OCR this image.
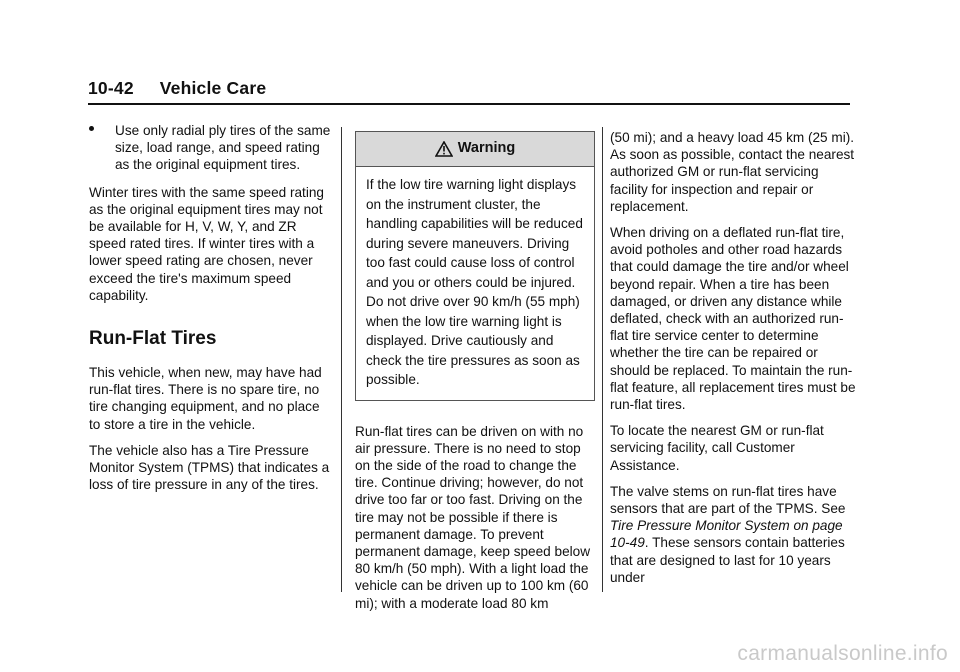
10-42 Vehicle Care
Use only radial ply tires of the same size, load range, and speed rating as the original equipment tires.

Winter tires with the same speed rating as the original equipment tires may not be available for H, V, W, Y, and ZR speed rated tires. If winter tires with a lower speed rating are chosen, never exceed the tire's maximum speed capability.

Run-Flat Tires

This vehicle, when new, may have had run-flat tires. There is no spare tire, no tire changing equipment, and no place to store a tire in the vehicle.

The vehicle also has a Tire Pressure Monitor System (TPMS) that indicates a loss of tire pressure in any of the tires.

Warning
If the low tire warning light displays on the instrument cluster, the handling capabilities will be reduced during severe maneuvers. Driving too fast could cause loss of control and you or others could be injured. Do not drive over 90 km/h (55 mph) when the low tire warning light is displayed. Drive cautiously and check the tire pressures as soon as possible.

Run-flat tires can be driven on with no air pressure. There is no need to stop on the side of the road to change the tire. Continue driving; however, do not drive too far or too fast. Driving on the tire may not be possible if there is permanent damage. To prevent permanent damage, keep speed below 80 km/h (50 mph). With a light load the vehicle can be driven up to 100 km (60 mi); with a moderate load 80 km

(50 mi); and a heavy load 45 km (25 mi). As soon as possible, contact the nearest authorized GM or run-flat servicing facility for inspection and repair or replacement.

When driving on a deflated run-flat tire, avoid potholes and other road hazards that could damage the tire and/or wheel beyond repair. When a tire has been damaged, or driven any distance while deflated, check with an authorized run-flat tire service center to determine whether the tire can be repaired or should be replaced. To maintain the run-flat feature, all replacement tires must be run-flat tires.

To locate the nearest GM or run-flat servicing facility, call Customer Assistance.

The valve stems on run-flat tires have sensors that are part of the TPMS. See Tire Pressure Monitor System on page 10-49. These sensors contain batteries that are designed to last for 10 years under

carmanualsonline.info
